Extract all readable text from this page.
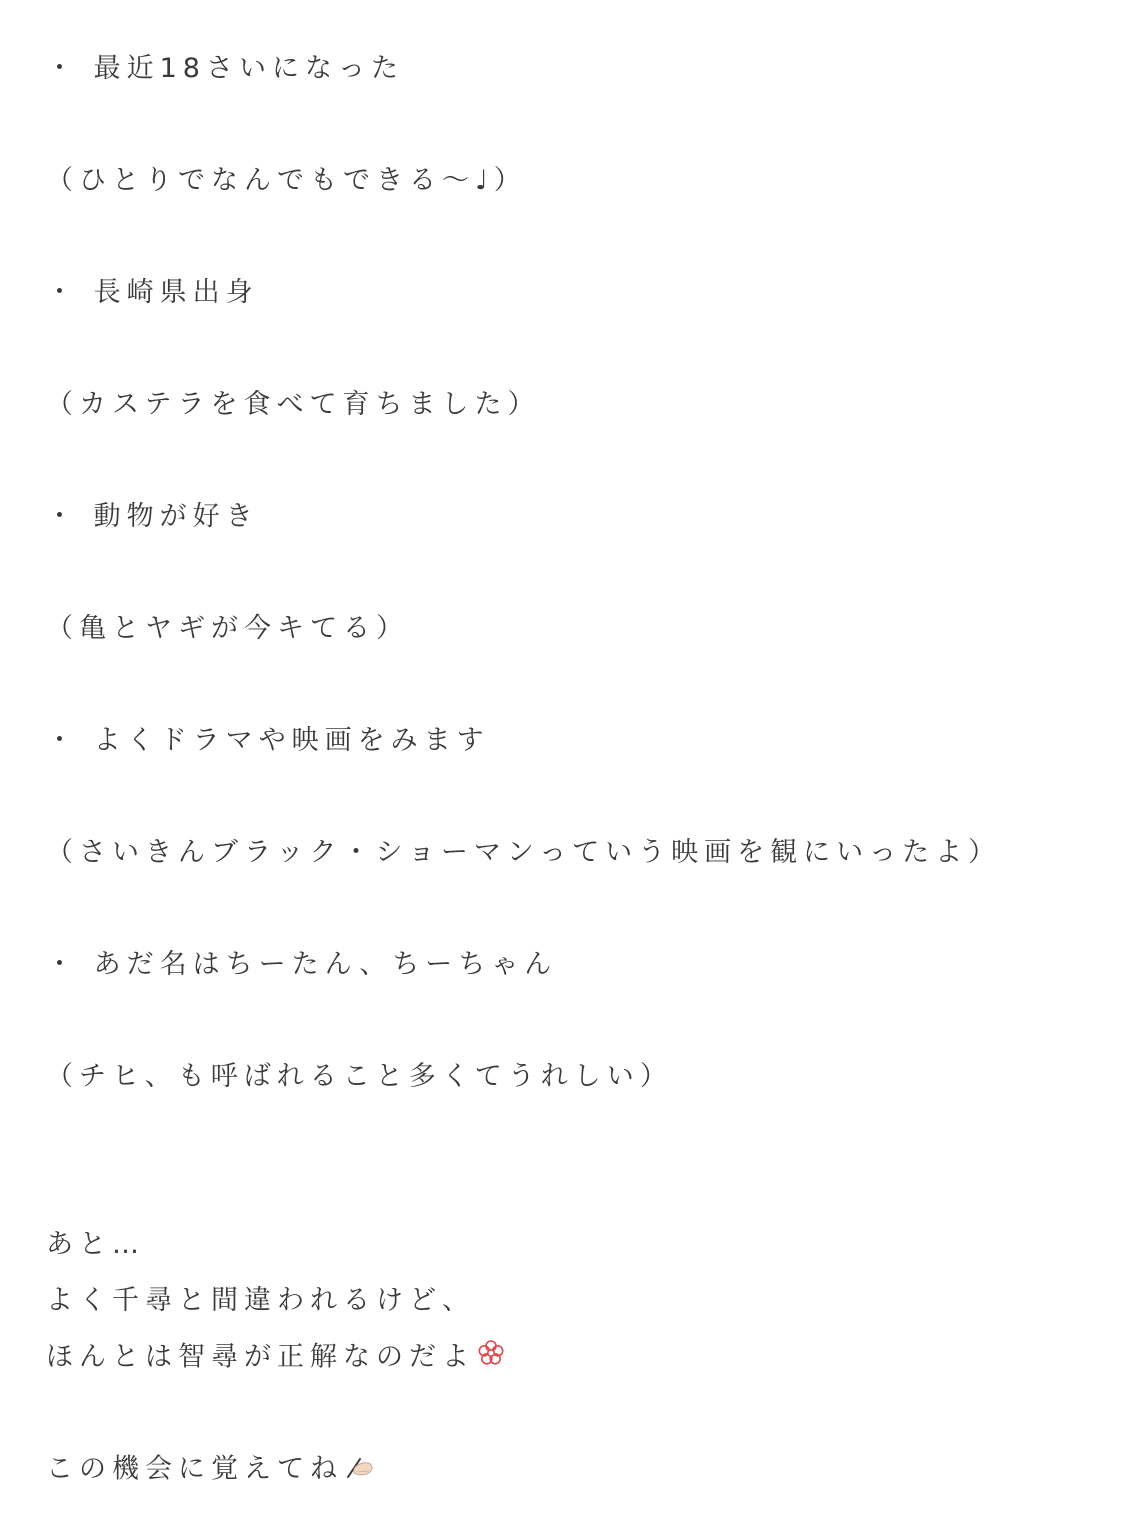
・ 最近18さいになった
（ひとりでなんでもできる〜♩）
・ 長崎県出身
（カステラを食べて育ちました）
・ 動物が好き
（亀とヤギが今キてる）
・ よくドラマや映画をみます
（さいきんブラック・ショーマンっていう映画を観にいったよ）
・ あだ名はちーたん、ちーちゃん
（チヒ、も呼ばれること多くてうれしい）
あと…
よく千尋と間違われるけど、
ほんとは智尋が正解なのだよ
この機会に覚えてね
